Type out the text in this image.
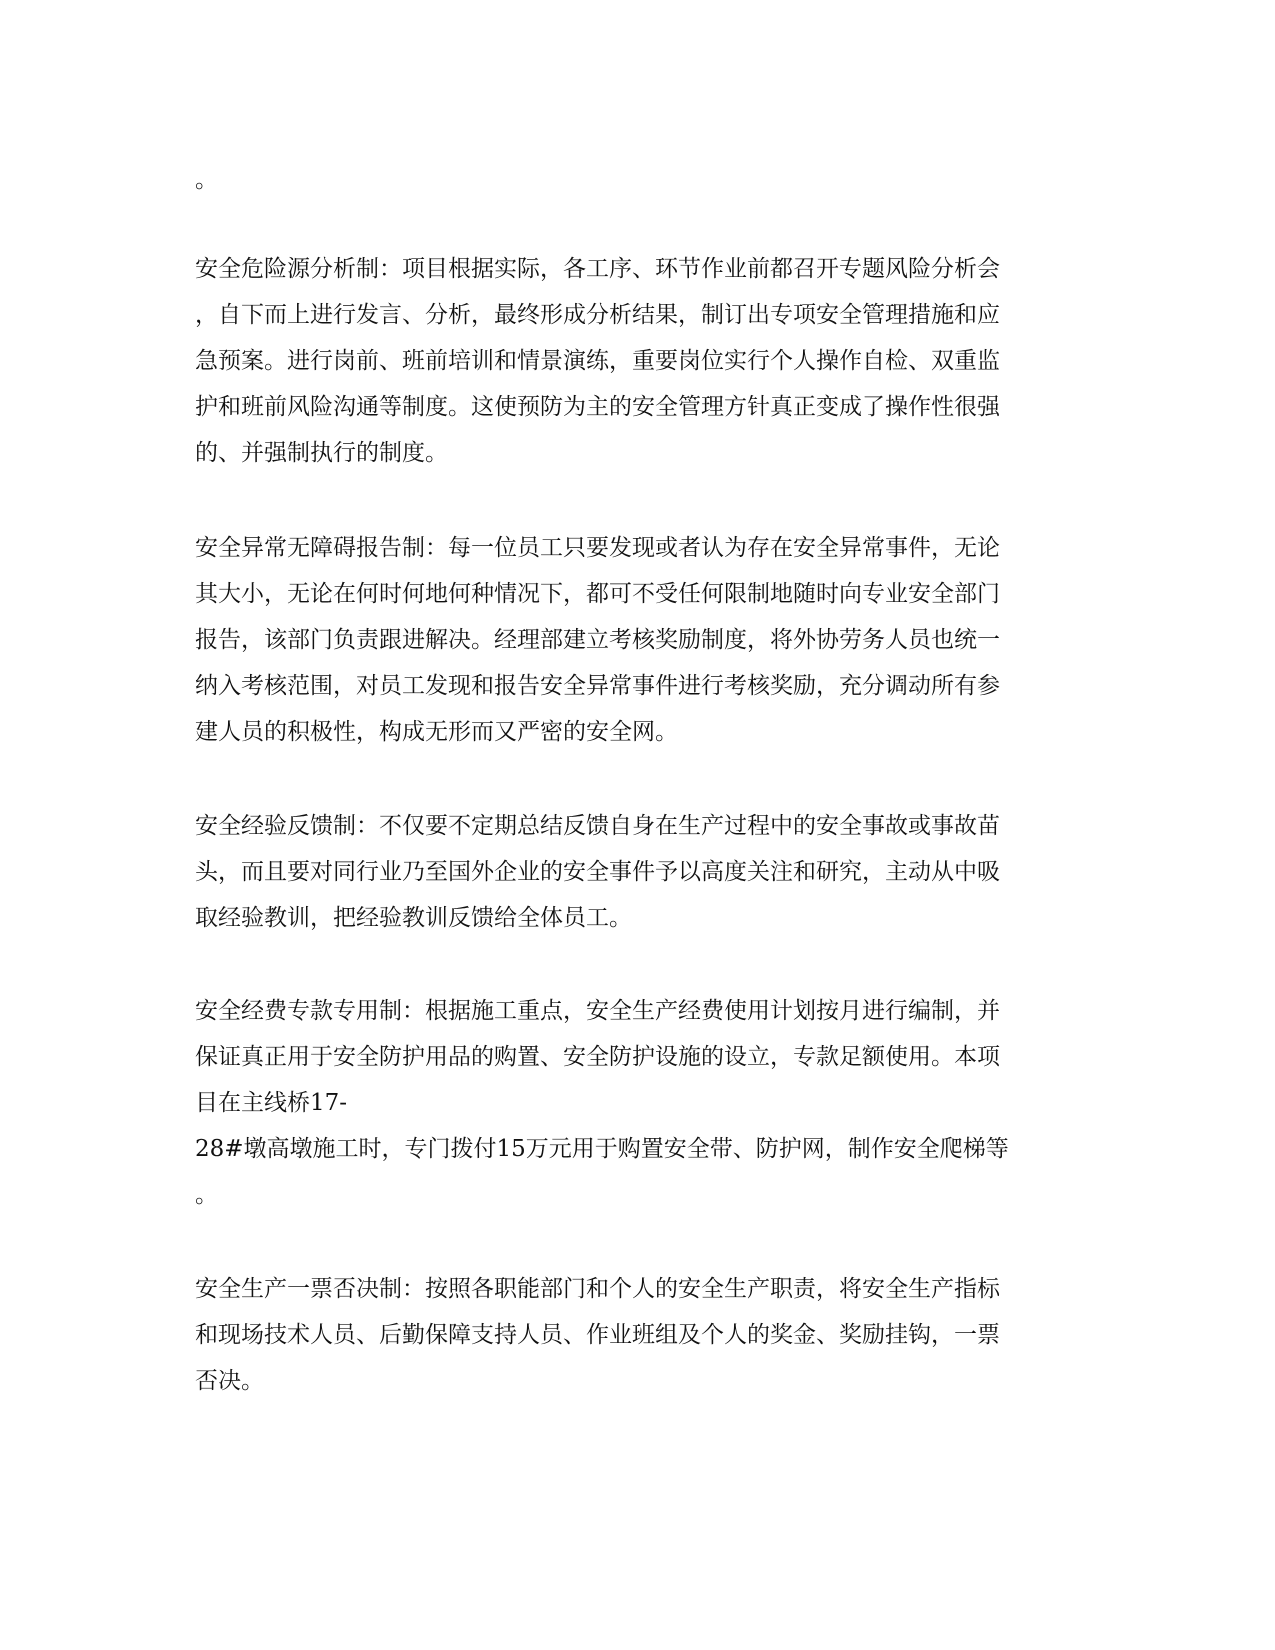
。
安全危险源分析制：项目根据实际，各工序、环节作业前都召开专题风险分析会
，自下而上进行发言、分析，最终形成分析结果，制订出专项安全管理措施和应
急预案。进行岗前、班前培训和情景演练，重要岗位实行个人操作自检、双重监
护和班前风险沟通等制度。这使预防为主的安全管理方针真正变成了操作性很强
的、并强制执行的制度。
安全异常无障碍报告制：每一位员工只要发现或者认为存在安全异常事件，无论
其大小，无论在何时何地何种情况下，都可不受任何限制地随时向专业安全部门
报告，该部门负责跟进解决。经理部建立考核奖励制度，将外协劳务人员也统一
纳入考核范围，对员工发现和报告安全异常事件进行考核奖励，充分调动所有参
建人员的积极性，构成无形而又严密的安全网。
安全经验反馈制：不仅要不定期总结反馈自身在生产过程中的安全事故或事故苗
头，而且要对同行业乃至国外企业的安全事件予以高度关注和研究，主动从中吸
取经验教训，把经验教训反馈给全体员工。
安全经费专款专用制：根据施工重点，安全生产经费使用计划按月进行编制，并
保证真正用于安全防护用品的购置、安全防护设施的设立，专款足额使用。本项
目在主线桥17-
28#墩高墩施工时，专门拨付15万元用于购置安全带、防护网，制作安全爬梯等
。
安全生产一票否决制：按照各职能部门和个人的安全生产职责，将安全生产指标
和现场技术人员、后勤保障支持人员、作业班组及个人的奖金、奖励挂钩，一票
否决。
